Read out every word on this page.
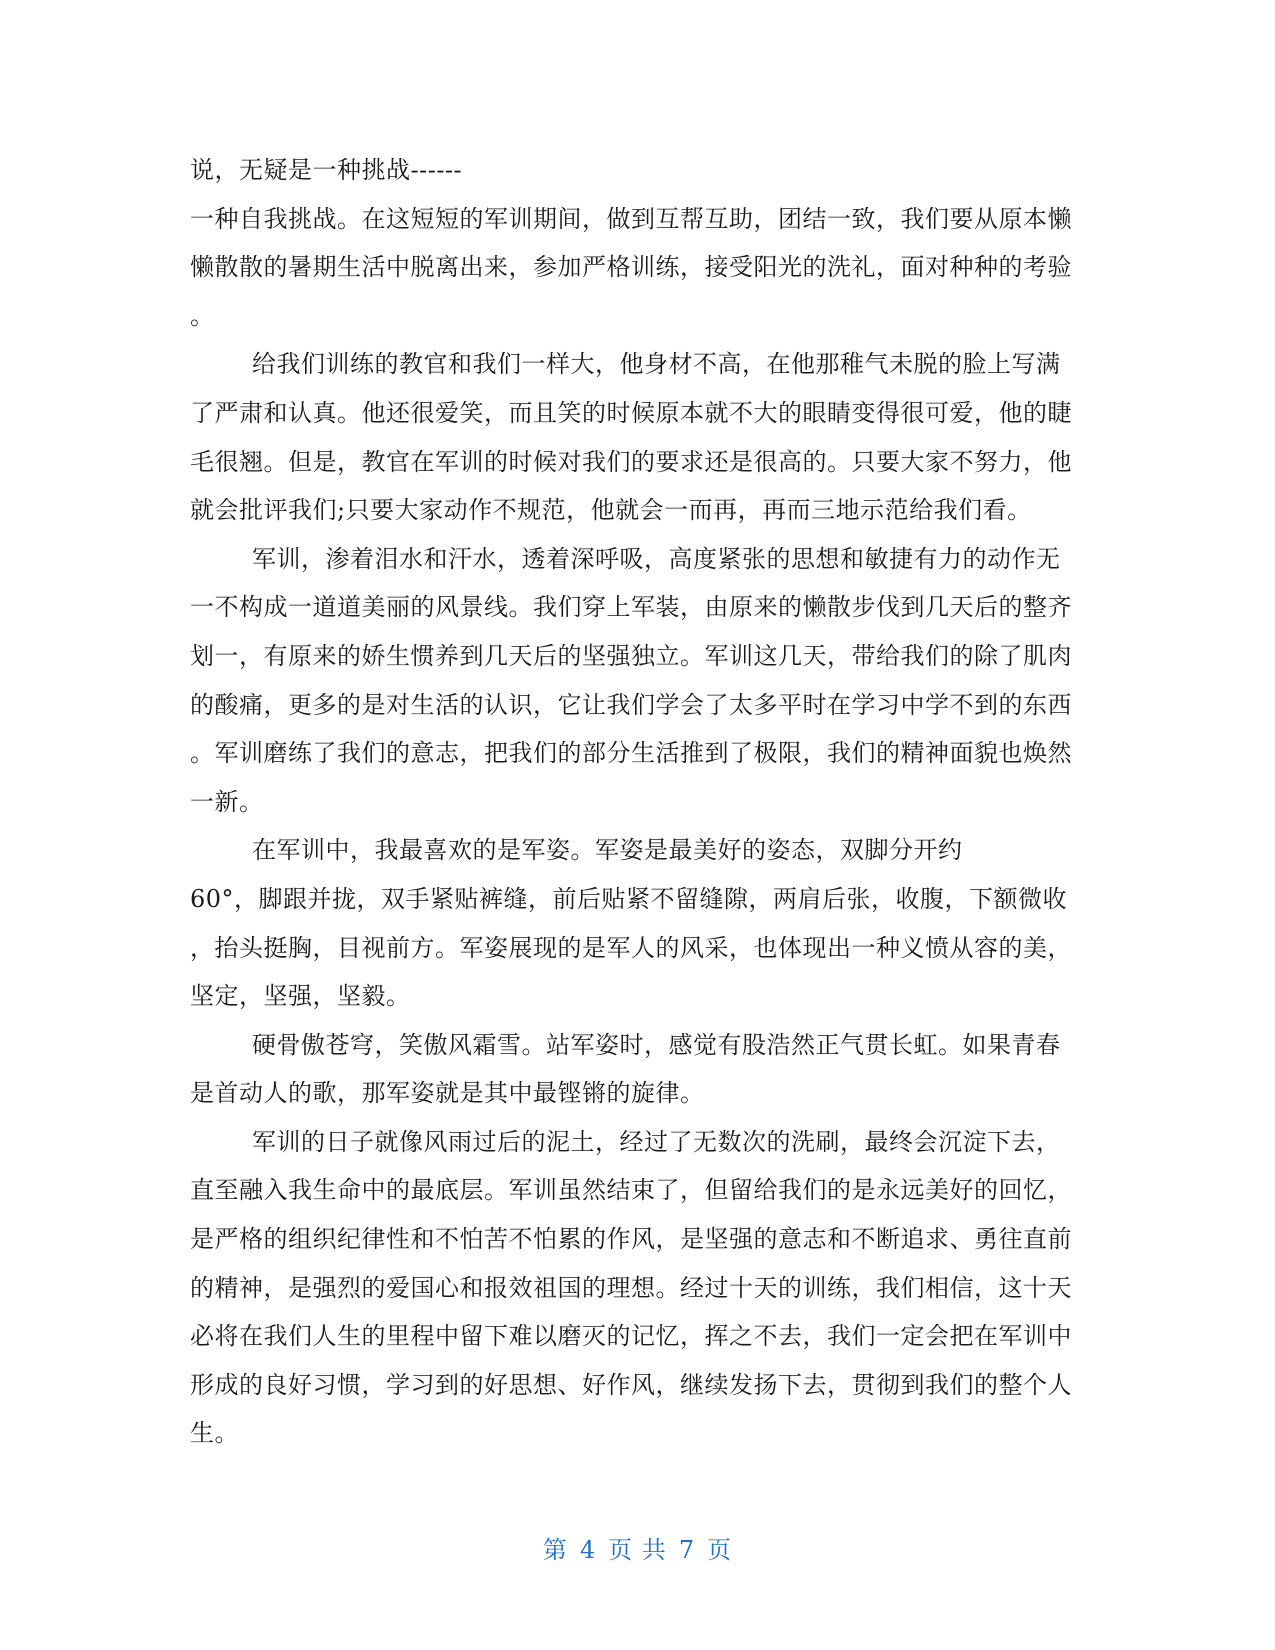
说，无疑是一种挑战------
一种自我挑战。在这短短的军训期间，做到互帮互助，团结一致，我们要从原本懒
懒散散的暑期生活中脱离出来，参加严格训练，接受阳光的洗礼，面对种种的考验
。
给我们训练的教官和我们一样大，他身材不高，在他那稚气未脱的脸上写满
了严肃和认真。他还很爱笑，而且笑的时候原本就不大的眼睛变得很可爱，他的睫
毛很翘。但是，教官在军训的时候对我们的要求还是很高的。只要大家不努力，他
就会批评我们;只要大家动作不规范，他就会一而再，再而三地示范给我们看。
军训，渗着泪水和汗水，透着深呼吸，高度紧张的思想和敏捷有力的动作无
一不构成一道道美丽的风景线。我们穿上军装，由原来的懒散步伐到几天后的整齐
划一，有原来的娇生惯养到几天后的坚强独立。军训这几天，带给我们的除了肌肉
的酸痛，更多的是对生活的认识，它让我们学会了太多平时在学习中学不到的东西
。军训磨练了我们的意志，把我们的部分生活推到了极限，我们的精神面貌也焕然
一新。
在军训中，我最喜欢的是军姿。军姿是最美好的姿态，双脚分开约
60°，脚跟并拢，双手紧贴裤缝，前后贴紧不留缝隙，两肩后张，收腹，下额微收
，抬头挺胸，目视前方。军姿展现的是军人的风采，也体现出一种义愤从容的美，
坚定，坚强，坚毅。
硬骨傲苍穹，笑傲风霜雪。站军姿时，感觉有股浩然正气贯长虹。如果青春
是首动人的歌，那军姿就是其中最铿锵的旋律。
军训的日子就像风雨过后的泥土，经过了无数次的洗刷，最终会沉淀下去，
直至融入我生命中的最底层。军训虽然结束了，但留给我们的是永远美好的回忆，
是严格的组织纪律性和不怕苦不怕累的作风，是坚强的意志和不断追求、勇往直前
的精神，是强烈的爱国心和报效祖国的理想。经过十天的训练，我们相信，这十天
必将在我们人生的里程中留下难以磨灭的记忆，挥之不去，我们一定会把在军训中
形成的良好习惯，学习到的好思想、好作风，继续发扬下去，贯彻到我们的整个人
生。
第 4 页 共 7 页
